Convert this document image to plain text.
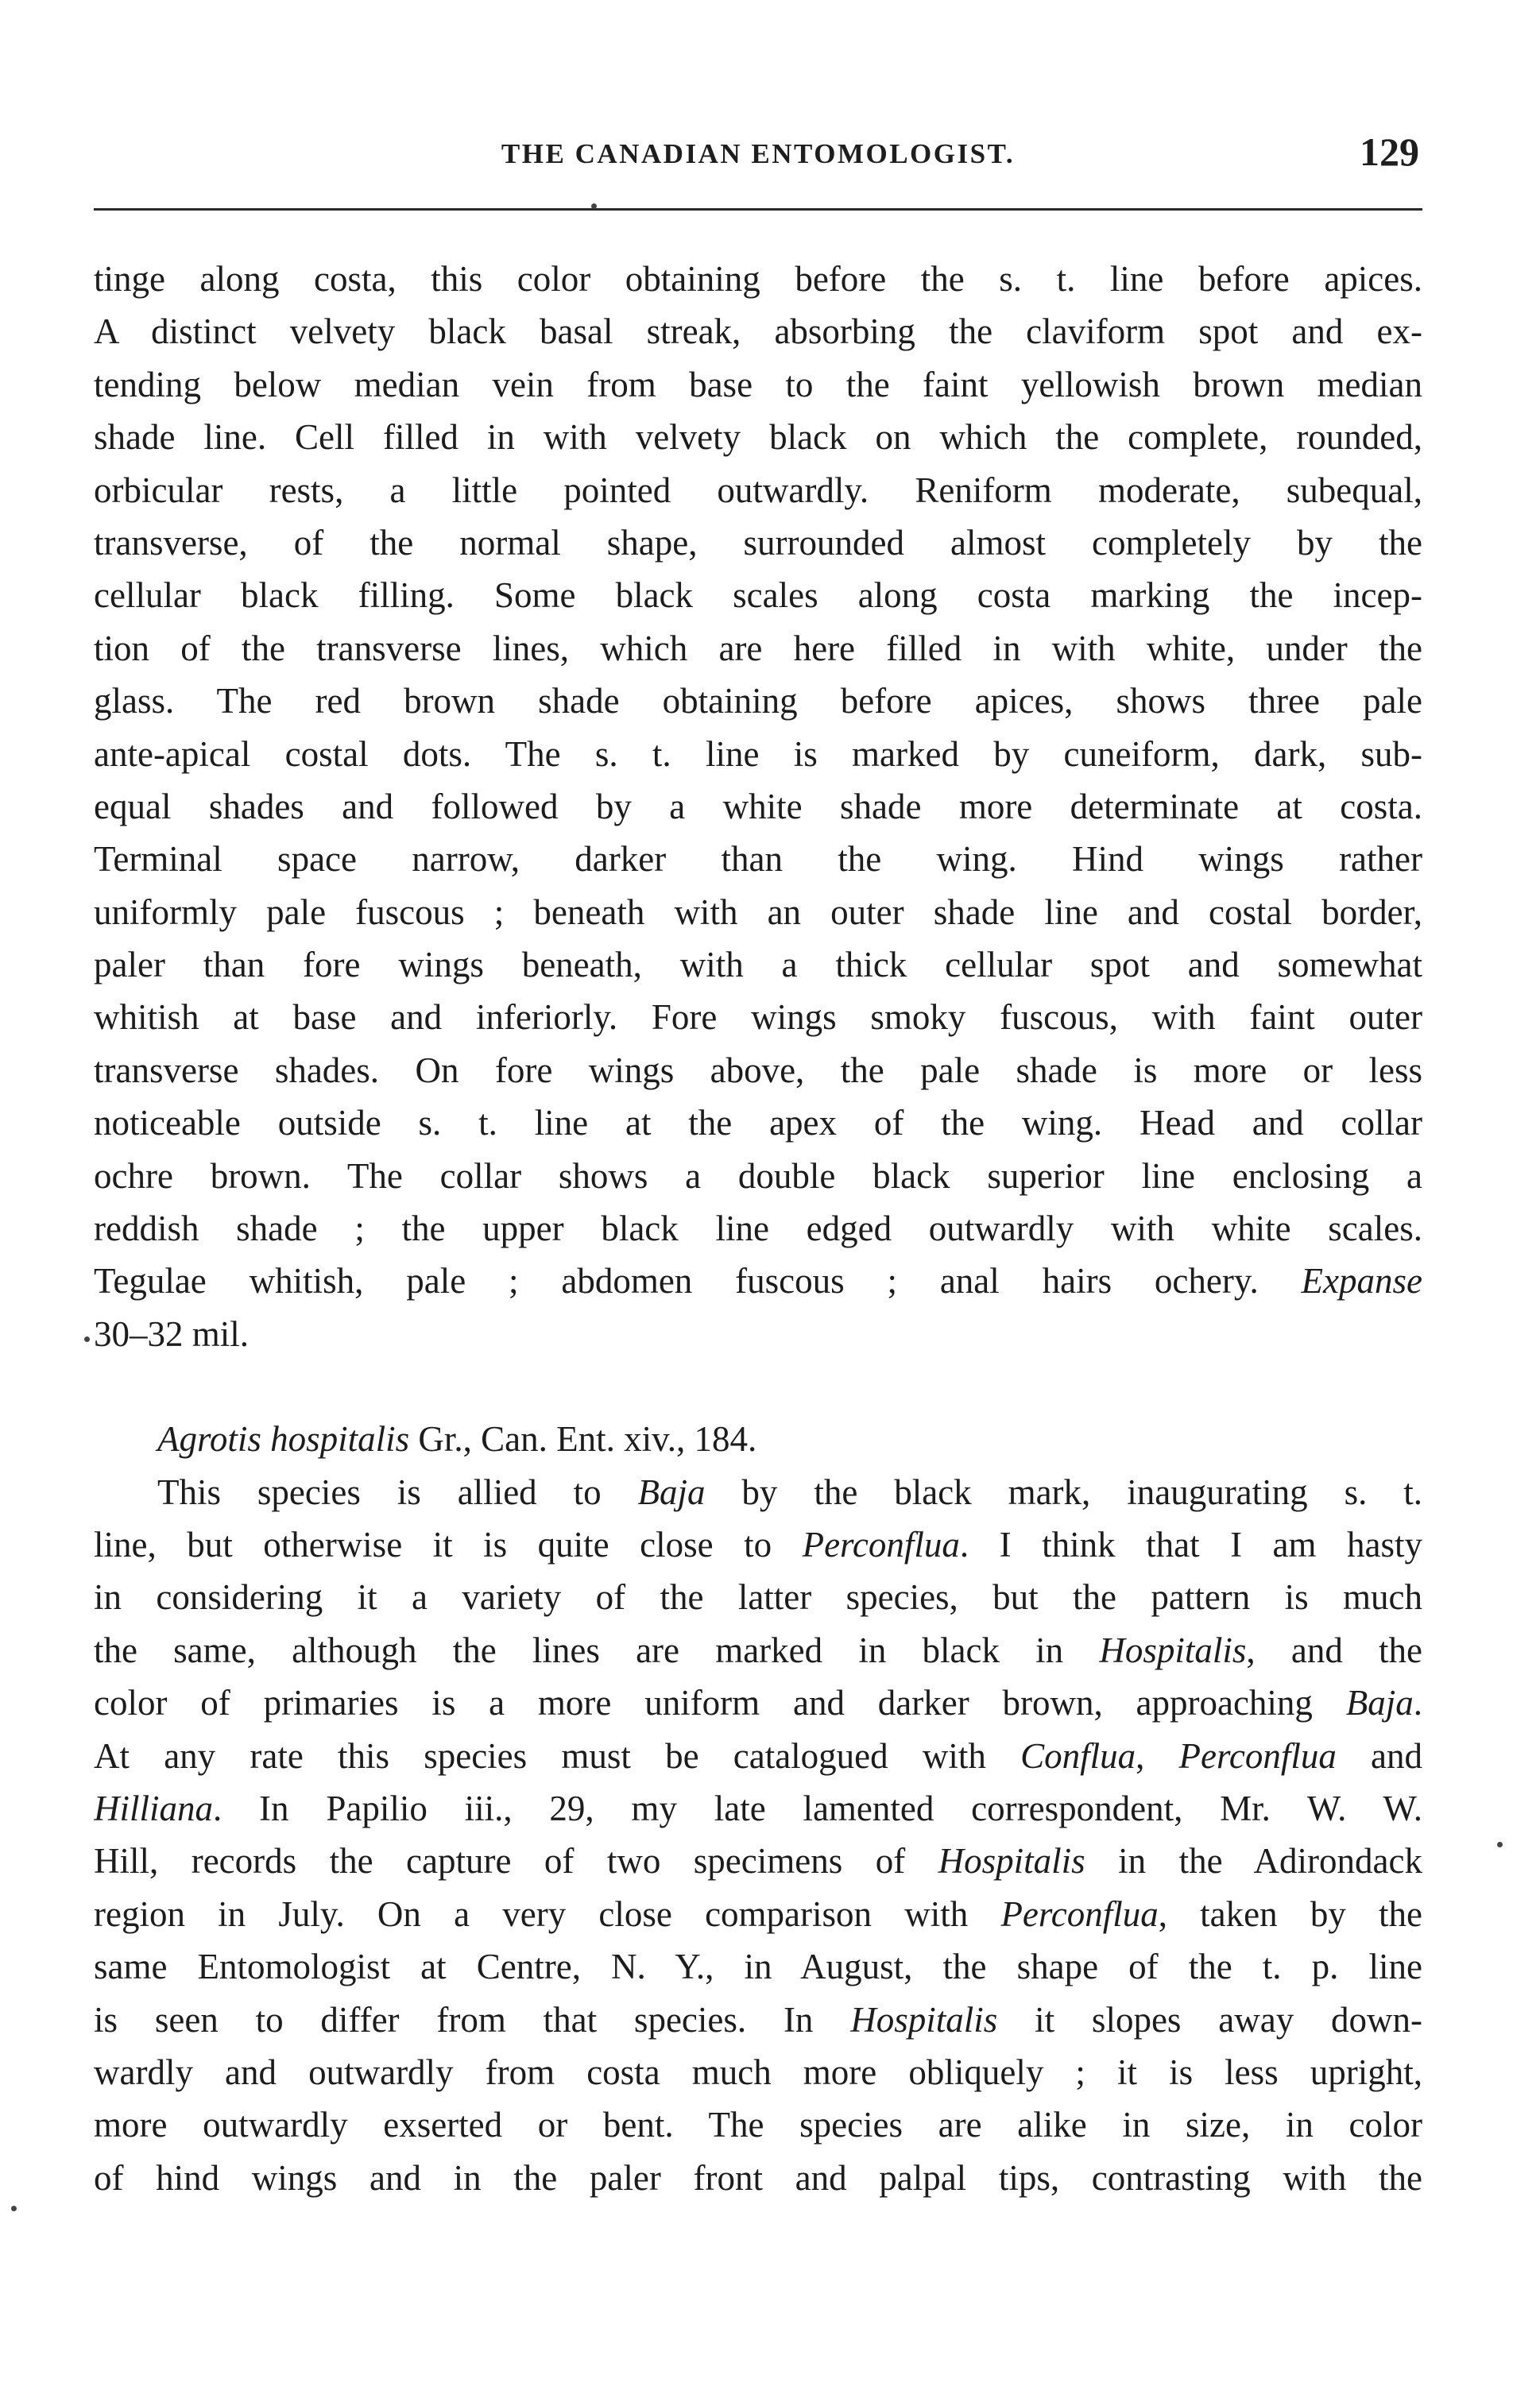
THE CANADIAN ENTOMOLOGIST.	129
tinge along costa, this color obtaining before the s. t. line before apices.
A distinct velvety black basal streak, absorbing the claviform spot and ex-
tending below median vein from base to the faint yellowish brown median
shade line. Cell filled in with velvety black on which the complete, rounded,
orbicular rests, a little pointed outwardly. Reniform moderate, subequal,
transverse, of the normal shape, surrounded almost completely by the
cellular black filling. Some black scales along costa marking the incep-
tion of the transverse lines, which are here filled in with white, under the
glass. The red brown shade obtaining before apices, shows three pale
ante-apical costal dots. The s. t. line is marked by cuneiform, dark, sub-
equal shades and followed by a white shade more determinate at costa.
Terminal space narrow, darker than the wing. Hind wings rather
uniformly pale fuscous ; beneath with an outer shade line and costal border,
paler than fore wings beneath, with a thick cellular spot and somewhat
whitish at base and inferiorly. Fore wings smoky fuscous, with faint outer
transverse shades. On fore wings above, the pale shade is more or less
noticeable outside s. t. line at the apex of the wing. Head and collar
ochre brown. The collar shows a double black superior line enclosing a
reddish shade ; the upper black line edged outwardly with white scales.
Tegulae whitish, pale ; abdomen fuscous ; anal hairs ochery. Expanse
30–32 mil.
Agrotis hospitalis Gr., Can. Ent. xiv., 184.
This species is allied to Baja by the black mark, inaugurating s. t.
line, but otherwise it is quite close to Perconflua. I think that I am hasty
in considering it a variety of the latter species, but the pattern is much
the same, although the lines are marked in black in Hospitalis, and the
color of primaries is a more uniform and darker brown, approaching Baja.
At any rate this species must be catalogued with Conflua, Perconflua and
Hilliana. In Papilio iii., 29, my late lamented correspondent, Mr. W. W.
Hill, records the capture of two specimens of Hospitalis in the Adirondack
region in July. On a very close comparison with Perconflua, taken by the
same Entomologist at Centre, N. Y., in August, the shape of the t. p. line
is seen to differ from that species. In Hospitalis it slopes away down-
wardly and outwardly from costa much more obliquely ; it is less upright,
more outwardly exserted or bent. The species are alike in size, in color
of hind wings and in the paler front and palpal tips, contrasting with the
